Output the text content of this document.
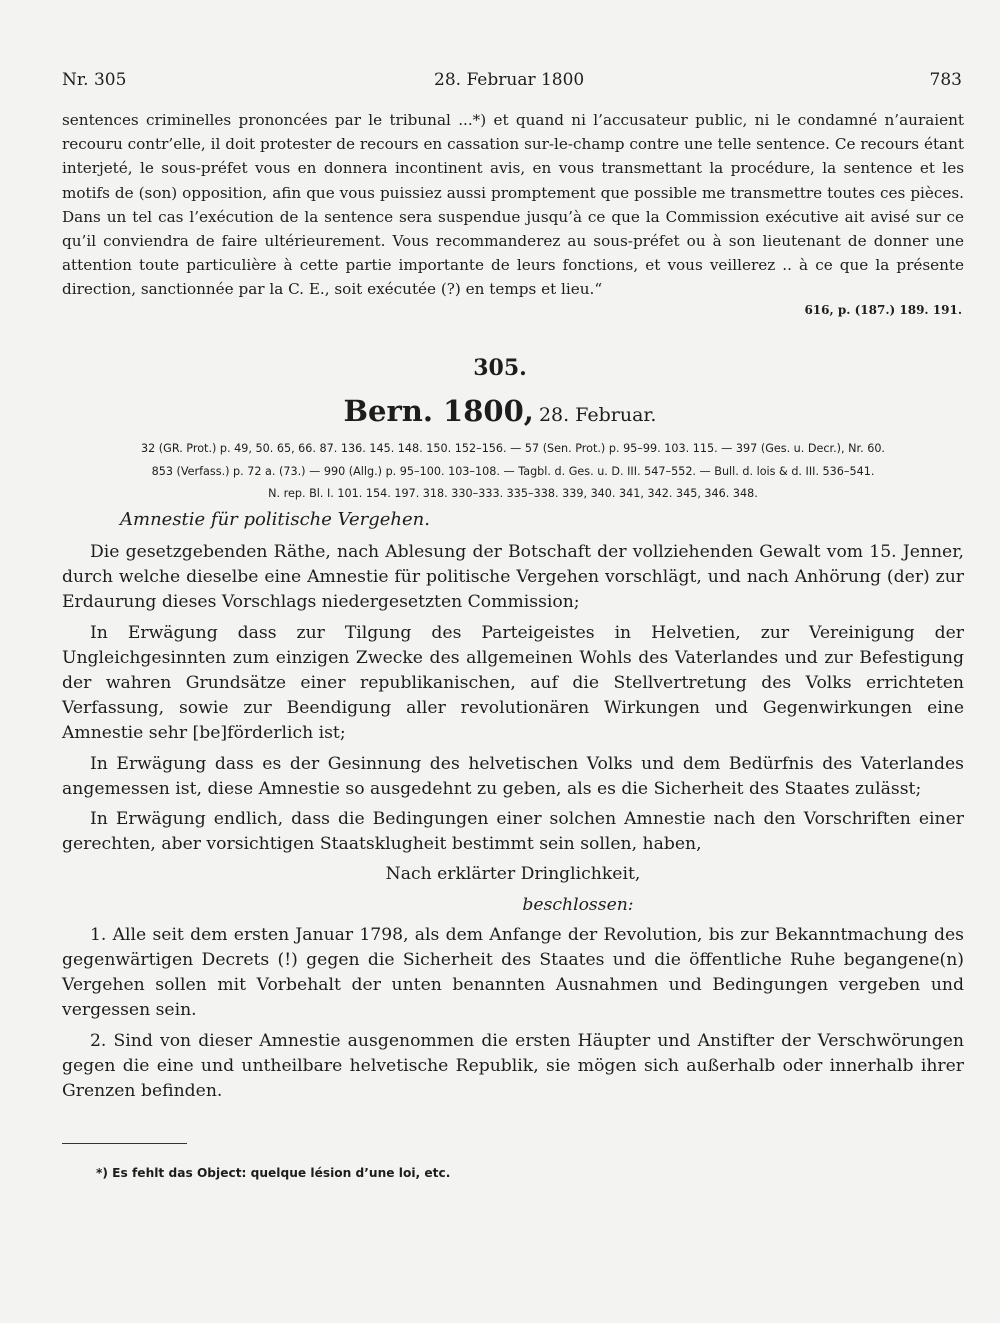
Nr. 305	28. Februar 1800	783

sentences criminelles prononcées par le tribunal ...*) et quand ni l’accusateur public, ni le condamné n’auraient recouru contr’elle, il doit protester de recours en cassation sur-le-champ contre une telle sentence. Ce recours étant interjeté, le sous-préfet vous en donnera incontinent avis, en vous transmettant la procédure, la sentence et les motifs de (son) opposition, afin que vous puissiez aussi promptement que possible me transmettre toutes ces pièces. Dans un tel cas l’exécution de la sentence sera suspendue jusqu’à ce que la Commission exécutive ait avisé sur ce qu’il conviendra de faire ultérieurement. Vous recommanderez au sous-préfet ou à son lieutenant de donner une attention toute particulière à cette partie importante de leurs fonctions, et vous veillerez .. à ce que la présente direction, sanctionnée par la C. E., soit exécutée (?) en temps et lieu.“

616, p. (187.) 189. 191.
305.
Bern. 1800, 28. Februar.

32 (GR. Prot.) p. 49, 50. 65, 66. 87. 136. 145. 148. 150. 152–156. — 57 (Sen. Prot.) p. 95–99. 103. 115. — 397 (Ges. u. Decr.), Nr. 60.

853 (Verfass.) p. 72 a. (73.) — 990 (Allg.) p. 95–100. 103–108. — Tagbl. d. Ges. u. D. III. 547–552. — Bull. d. lois & d. III. 536–541.

N. rep. Bl. I. 101. 154. 197. 318. 330–333. 335–338. 339, 340. 341, 342. 345, 346. 348.

Amnestie für politische Vergehen.

Die gesetzgebenden Räthe, nach Ablesung der Botschaft der vollziehenden Gewalt vom 15. Jenner, durch welche dieselbe eine Amnestie für politische Vergehen vorschlägt, und nach Anhörung (der) zur Erdaurung dieses Vorschlags niedergesetzten Commission;

In Erwägung dass zur Tilgung des Parteigeistes in Helvetien, zur Vereinigung der Ungleichgesinnten zum einzigen Zwecke des allgemeinen Wohls des Vaterlandes und zur Befestigung der wahren Grundsätze einer republikanischen, auf die Stellvertretung des Volks errichteten Verfassung, sowie zur Beendigung aller revolutionären Wirkungen und Gegenwirkungen eine Amnestie sehr [be]förderlich ist;

In Erwägung dass es der Gesinnung des helvetischen Volks und dem Bedürfnis des Vaterlandes angemessen ist, diese Amnestie so ausgedehnt zu geben, als es die Sicherheit des Staates zulässt;

In Erwägung endlich, dass die Bedingungen einer solchen Amnestie nach den Vorschriften einer gerechten, aber vorsichtigen Staatsklugheit bestimmt sein sollen, haben,

Nach erklärter Dringlichkeit,

beschlossen:

1. Alle seit dem ersten Januar 1798, als dem Anfange der Revolution, bis zur Bekanntmachung des gegenwärtigen Decrets (!) gegen die Sicherheit des Staates und die öffentliche Ruhe begangene(n) Vergehen sollen mit Vorbehalt der unten benannten Ausnahmen und Bedingungen vergeben und vergessen sein.

2. Sind von dieser Amnestie ausgenommen die ersten Häupter und Anstifter der Verschwörungen gegen die eine und untheilbare helvetische Republik, sie mögen sich außerhalb oder innerhalb ihrer Grenzen befinden.

*) Es fehlt das Object: quelque lésion d’une loi, etc.
